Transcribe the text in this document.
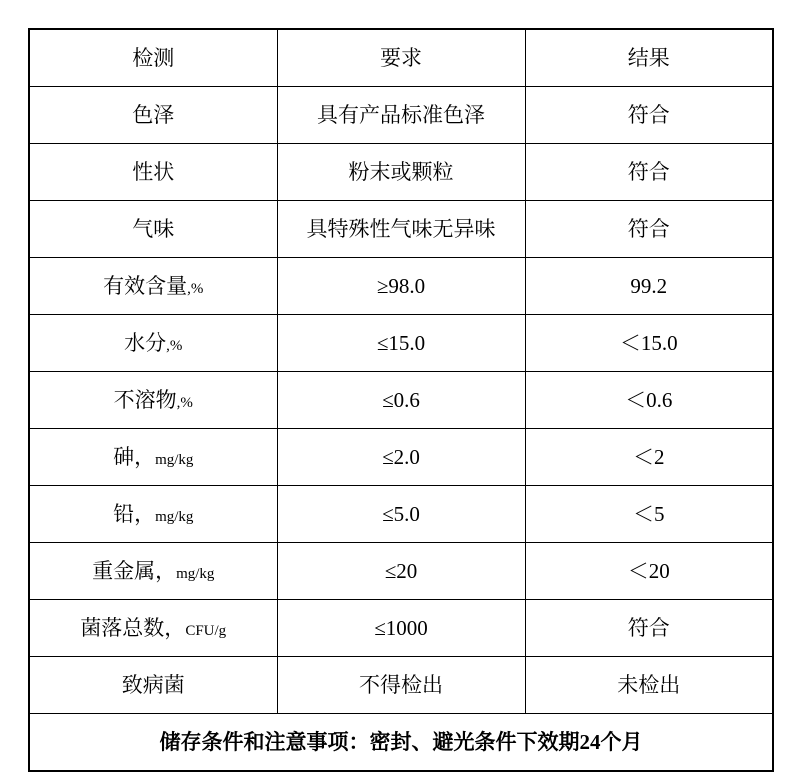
检测	要求	结果
色泽	具有产品标准色泽	符合
性状	粉末或颗粒	符合
气味	具特殊性气味无异味	符合
有效含量,%	≥98.0	99.2
水分,%	≤15.0	＜15.0
不溶物,%	≤0.6	＜0.6
砷，mg/kg	≤2.0	＜2
铅，mg/kg	≤5.0	＜5
重金属，mg/kg	≤20	＜20
菌落总数，CFU/g	≤1000	符合
致病菌	不得检出	未检出
储存条件和注意事项：密封、避光条件下效期24个月		
